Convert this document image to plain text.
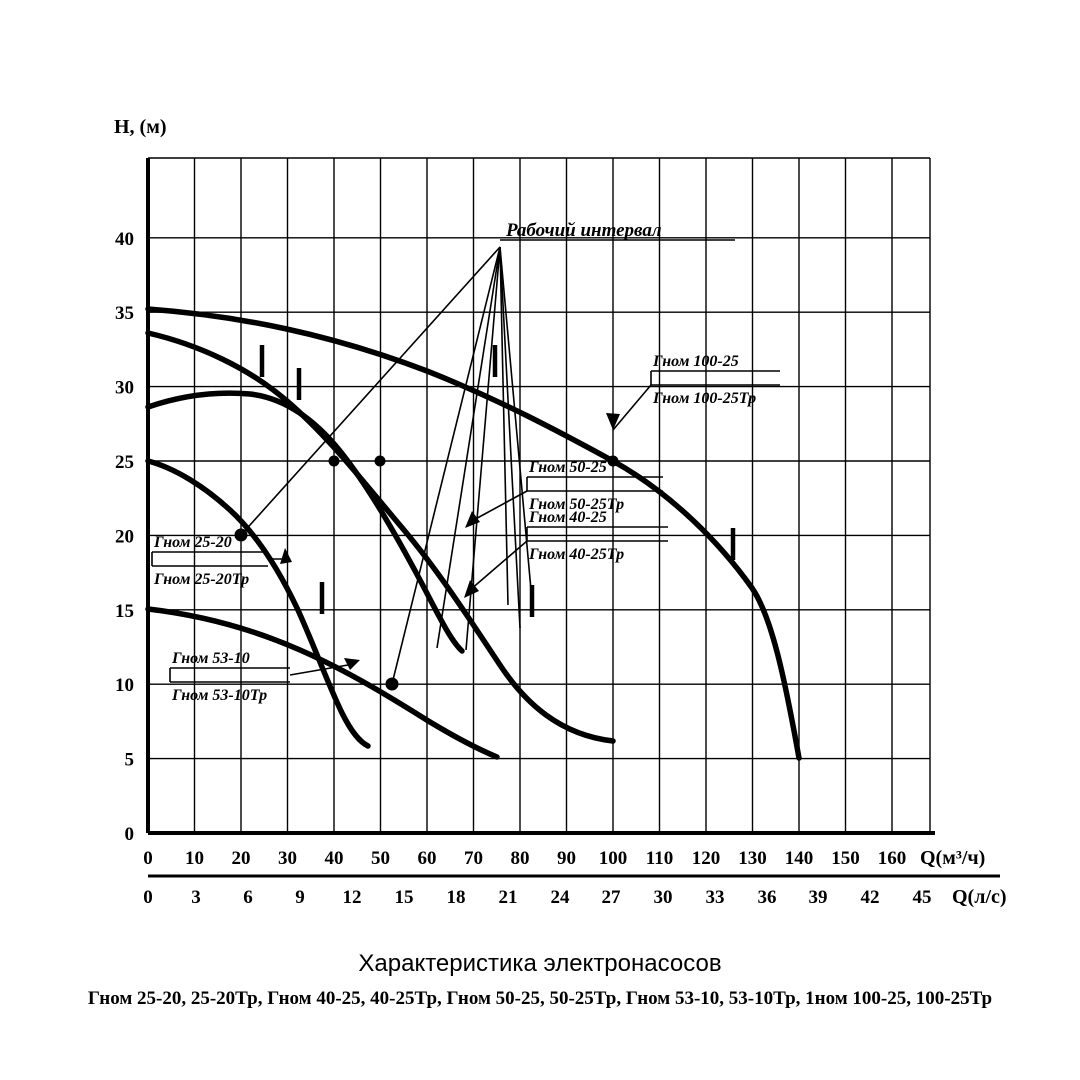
0
5
10
15
20
25
30
35
40
H, (м)
0 10 20 30 40 50 60 70 80 90 100 110 120 130 140 150 160 Q(м³/ч)
0 3 6 9 12 15 18 21 24 27 30 33 36 39 42 45 Q(л/с)
Рабочий интервал
Гном 100-25
Гном 100-25Тр
Гном 50-25
Гном 50-25Тр
Гном 40-25
Гном 40-25Тр
Гном 25-20
Гном 25-20Тр
Гном 53-10
Гном 53-10Тр
Характеристика электронасосов
Гном 25-20, 25-20Тр, Гном 40-25, 40-25Тр, Гном 50-25, 50-25Тр, Гном 53-10, 53-10Тр, 1ном 100-25, 100-25Тр
